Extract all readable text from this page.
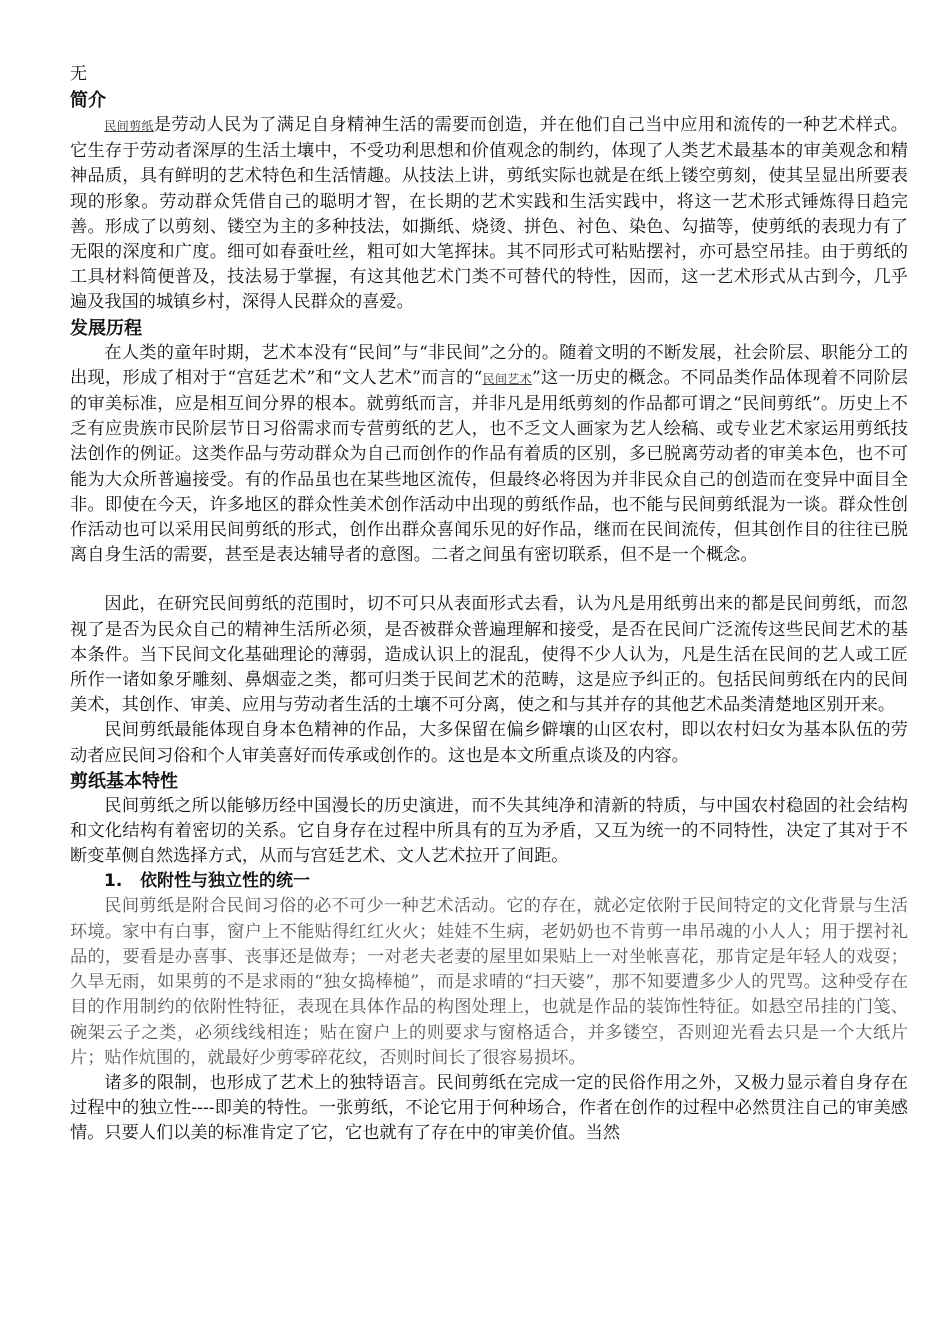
无
简介

民间剪纸是劳动人民为了满足自身精神生活的需要而创造，并在他们自己当中应用和流传的一种艺术样式。它生存于劳动者深厚的生活土壤中，不受功利思想和价值观念的制约，体现了人类艺术最基本的审美观念和精神品质，具有鲜明的艺术特色和生活情趣。从技法上讲，剪纸实际也就是在纸上镂空剪刻，使其呈显出所要表现的形象。劳动群众凭借自己的聪明才智，在长期的艺术实践和生活实践中，将这一艺术形式锤炼得日趋完善。形成了以剪刻、镂空为主的多种技法，如撕纸、烧烫、拼色、衬色、染色、勾描等，使剪纸的表现力有了无限的深度和广度。细可如春蚕吐丝，粗可如大笔挥抹。其不同形式可粘贴摆衬，亦可悬空吊挂。由于剪纸的工具材料简便普及，技法易于掌握，有这其他艺术门类不可替代的特性，因而，这一艺术形式从古到今，几乎遍及我国的城镇乡村，深得人民群众的喜爱。

发展历程

在人类的童年时期，艺术本没有“民间”与“非民间”之分的。随着文明的不断发展，社会阶层、职能分工的出现，形成了相对于“宫廷艺术”和“文人艺术”而言的“民间艺术”这一历史的概念。不同品类作品体现着不同阶层的审美标准，应是相互间分界的根本。就剪纸而言，并非凡是用纸剪刻的作品都可谓之“民间剪纸”。历史上不乏有应贵族市民阶层节日习俗需求而专营剪纸的艺人，也不乏文人画家为艺人绘稿、或专业艺术家运用剪纸技法创作的例证。这类作品与劳动群众为自己而创作的作品有着质的区别，多已脱离劳动者的审美本色，也不可能为大众所普遍接受。有的作品虽也在某些地区流传，但最终必将因为并非民众自己的创造而在变异中面目全非。即使在今天，许多地区的群众性美术创作活动中出现的剪纸作品，也不能与民间剪纸混为一谈。群众性创作活动也可以采用民间剪纸的形式，创作出群众喜闻乐见的好作品，继而在民间流传，但其创作目的往往已脱离自身生活的需要，甚至是表达辅导者的意图。二者之间虽有密切联系，但不是一个概念。

因此，在研究民间剪纸的范围时，切不可只从表面形式去看，认为凡是用纸剪出来的都是民间剪纸，而忽视了是否为民众自己的精神生活所必须，是否被群众普遍理解和接受，是否在民间广泛流传这些民间艺术的基本条件。当下民间文化基础理论的薄弱，造成认识上的混乱，使得不少人认为，凡是生活在民间的艺人或工匠所作一诸如象牙雕刻、鼻烟壶之类，都可归类于民间艺术的范畴，这是应予纠正的。包括民间剪纸在内的民间美术，其创作、审美、应用与劳动者生活的土壤不可分离，使之和与其并存的其他艺术品类清楚地区别开来。

民间剪纸最能体现自身本色精神的作品，大多保留在偏乡僻壤的山区农村，即以农村妇女为基本队伍的劳动者应民间习俗和个人审美喜好而传承或创作的。这也是本文所重点谈及的内容。

剪纸基本特性

民间剪纸之所以能够历经中国漫长的历史演进，而不失其纯净和清新的特质，与中国农村稳固的社会结构和文化结构有着密切的关系。它自身存在过程中所具有的互为矛盾，又互为统一的不同特性，决定了其对于不断变革侧自然选择方式，从而与宫廷艺术、文人艺术拉开了间距。

1. 依附性与独立性的统一

民间剪纸是附合民间习俗的必不可少一种艺术活动。它的存在，就必定依附于民间特定的文化背景与生活环境。家中有白事，窗户上不能贴得红红火火；娃娃不生病，老奶奶也不肯剪一串吊魂的小人人；用于摆衬礼品的，要看是办喜事、丧事还是做寿；一对老夫老妻的屋里如果贴上一对坐帐喜花，那肯定是年轻人的戏耍；久旱无雨，如果剪的不是求雨的“独女捣棒槌”，而是求晴的“扫天婆”，那不知要遭多少人的咒骂。这种受存在目的作用制约的依附性特征，表现在具体作品的构图处理上，也就是作品的装饰性特征。如悬空吊挂的门笺、碗架云子之类，必须线线相连；贴在窗户上的则要求与窗格适合，并多镂空，否则迎光看去只是一个大纸片片；贴作炕围的，就最好少剪零碎花纹，否则时间长了很容易损坏。

诸多的限制，也形成了艺术上的独特语言。民间剪纸在完成一定的民俗作用之外，又极力显示着自身存在过程中的独立性----即美的特性。一张剪纸，不论它用于何种场合，作者在创作的过程中必然贯注自己的审美感情。只要人们以美的标准肯定了它，它也就有了存在中的审美价值。当然
